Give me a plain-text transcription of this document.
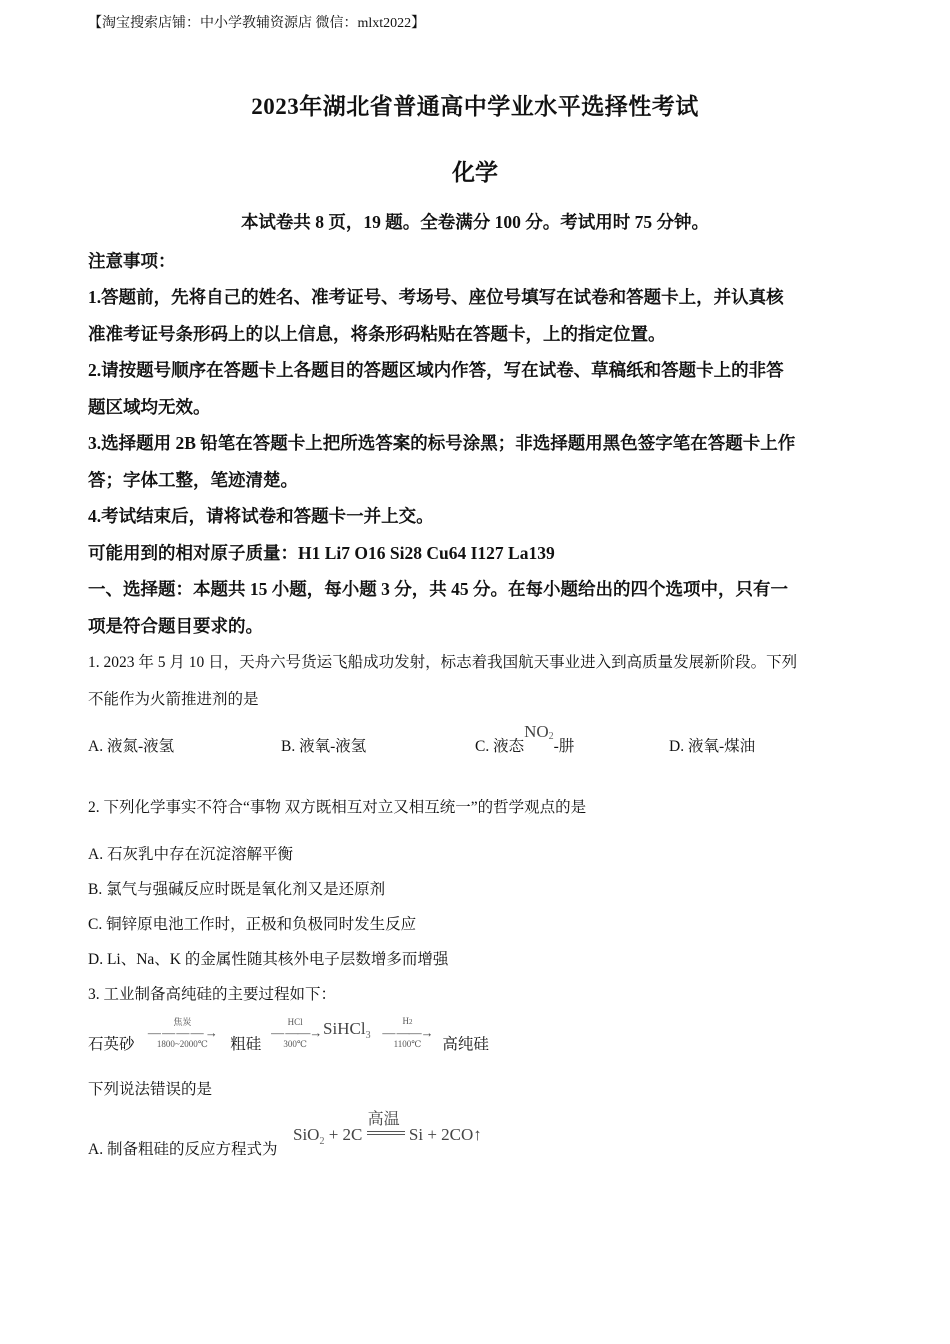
【淘宝搜索店铺：中小学教辅资源店 微信：mlxt2022】
2023年湖北省普通高中学业水平选择性考试
化学
本试卷共 8 页，19 题。全卷满分 100 分。考试用时 75 分钟。
注意事项：
1.答题前，先将自己的姓名、准考证号、考场号、座位号填写在试卷和答题卡上，并认真核
准准考证号条形码上的以上信息，将条形码粘贴在答题卡，上的指定位置。
2.请按题号顺序在答题卡上各题目的答题区域内作答，写在试卷、草稿纸和答题卡上的非答
题区域均无效。
3.选择题用 2B 铅笔在答题卡上把所选答案的标号涂黑；非选择题用黑色签字笔在答题卡上作
答；字体工整，笔迹清楚。
4.考试结束后，请将试卷和答题卡一并上交。
可能用到的相对原子质量：H1 Li7 O16 Si28 Cu64 I127 La139
一、选择题：本题共 15 小题，每小题 3 分，共 45 分。在每小题给出的四个选项中，只有一
项是符合题目要求的。
1. 2023 年 5 月 10 日，天舟六号货运飞船成功发射，标志着我国航天事业进入到高质量发展新阶段。下列
不能作为火箭推进剂的是
A. 液氮-液氢	B. 液氧-液氢	C. 液态$NO_2-$肼	D. 液氧-煤油
2. 下列化学事实不符合“事物 双方既相互对立又相互统一”的哲学观点的是
A. 石灰乳中存在沉淀溶解平衡
B. 氯气与强碱反应时既是氧化剂又是还原剂
C. 铜锌原电池工作时，正极和负极同时发生反应
D. Li、Na、K 的金属性随其核外电子层数增多而增强
3. 工业制备高纯硅的主要过程如下：
石英砂
焦炭
— — — — →
1800~2000℃	粗硅
HCl
— ——→
300℃
SiHCl$_3$
H2
— ——→
1100℃	高纯硅
下列说法错误的是
A. 制备粗硅的反应方程式为
SiO$_2$ + 2C
高温
Si + 2CO↑
